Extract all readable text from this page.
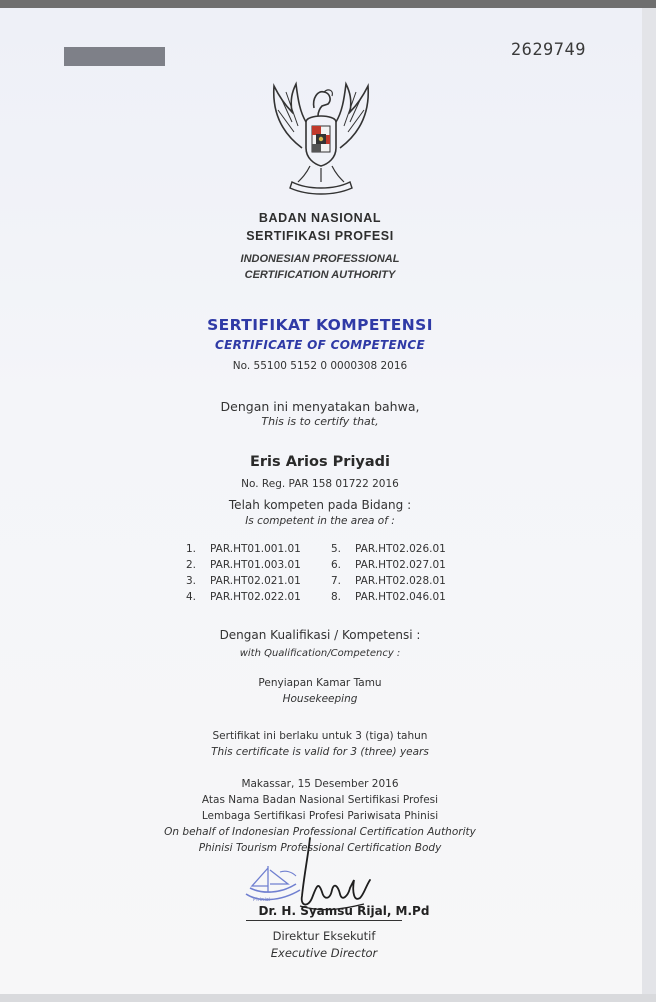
2629749
BADAN NASIONAL
SERTIFIKASI PROFESI
INDONESIAN PROFESSIONAL
CERTIFICATION AUTHORITY
SERTIFIKAT KOMPETENSI
CERTIFICATE OF COMPETENCE
No. 55100 5152 0 0000308 2016
Dengan ini menyatakan bahwa,
This is to certify that,
Eris Arios Priyadi
No. Reg. PAR 158 01722 2016
Telah kompeten pada Bidang :
Is competent in the area of :
1. PAR.HT01.001.01
2. PAR.HT01.003.01
3. PAR.HT02.021.01
4. PAR.HT02.022.01
5. PAR.HT02.026.01
6. PAR.HT02.027.01
7. PAR.HT02.028.01
8. PAR.HT02.046.01
Dengan Kualifikasi / Kompetensi :
with Qualification/Competency :
Penyiapan Kamar Tamu
Housekeeping
Sertifikat ini berlaku untuk 3 (tiga) tahun
This certificate is valid for 3 (three) years
Makassar, 15 Desember 2016
Atas Nama Badan Nasional Sertifikasi Profesi
Lembaga Sertifikasi Profesi Pariwisata Phinisi
On behalf of Indonesian Professional Certification Authority
Phinisi Tourism Professional Certification Body
Phinisi
Dr. H. Syamsu Rijal, M.Pd
Direktur Eksekutif
Executive Director
